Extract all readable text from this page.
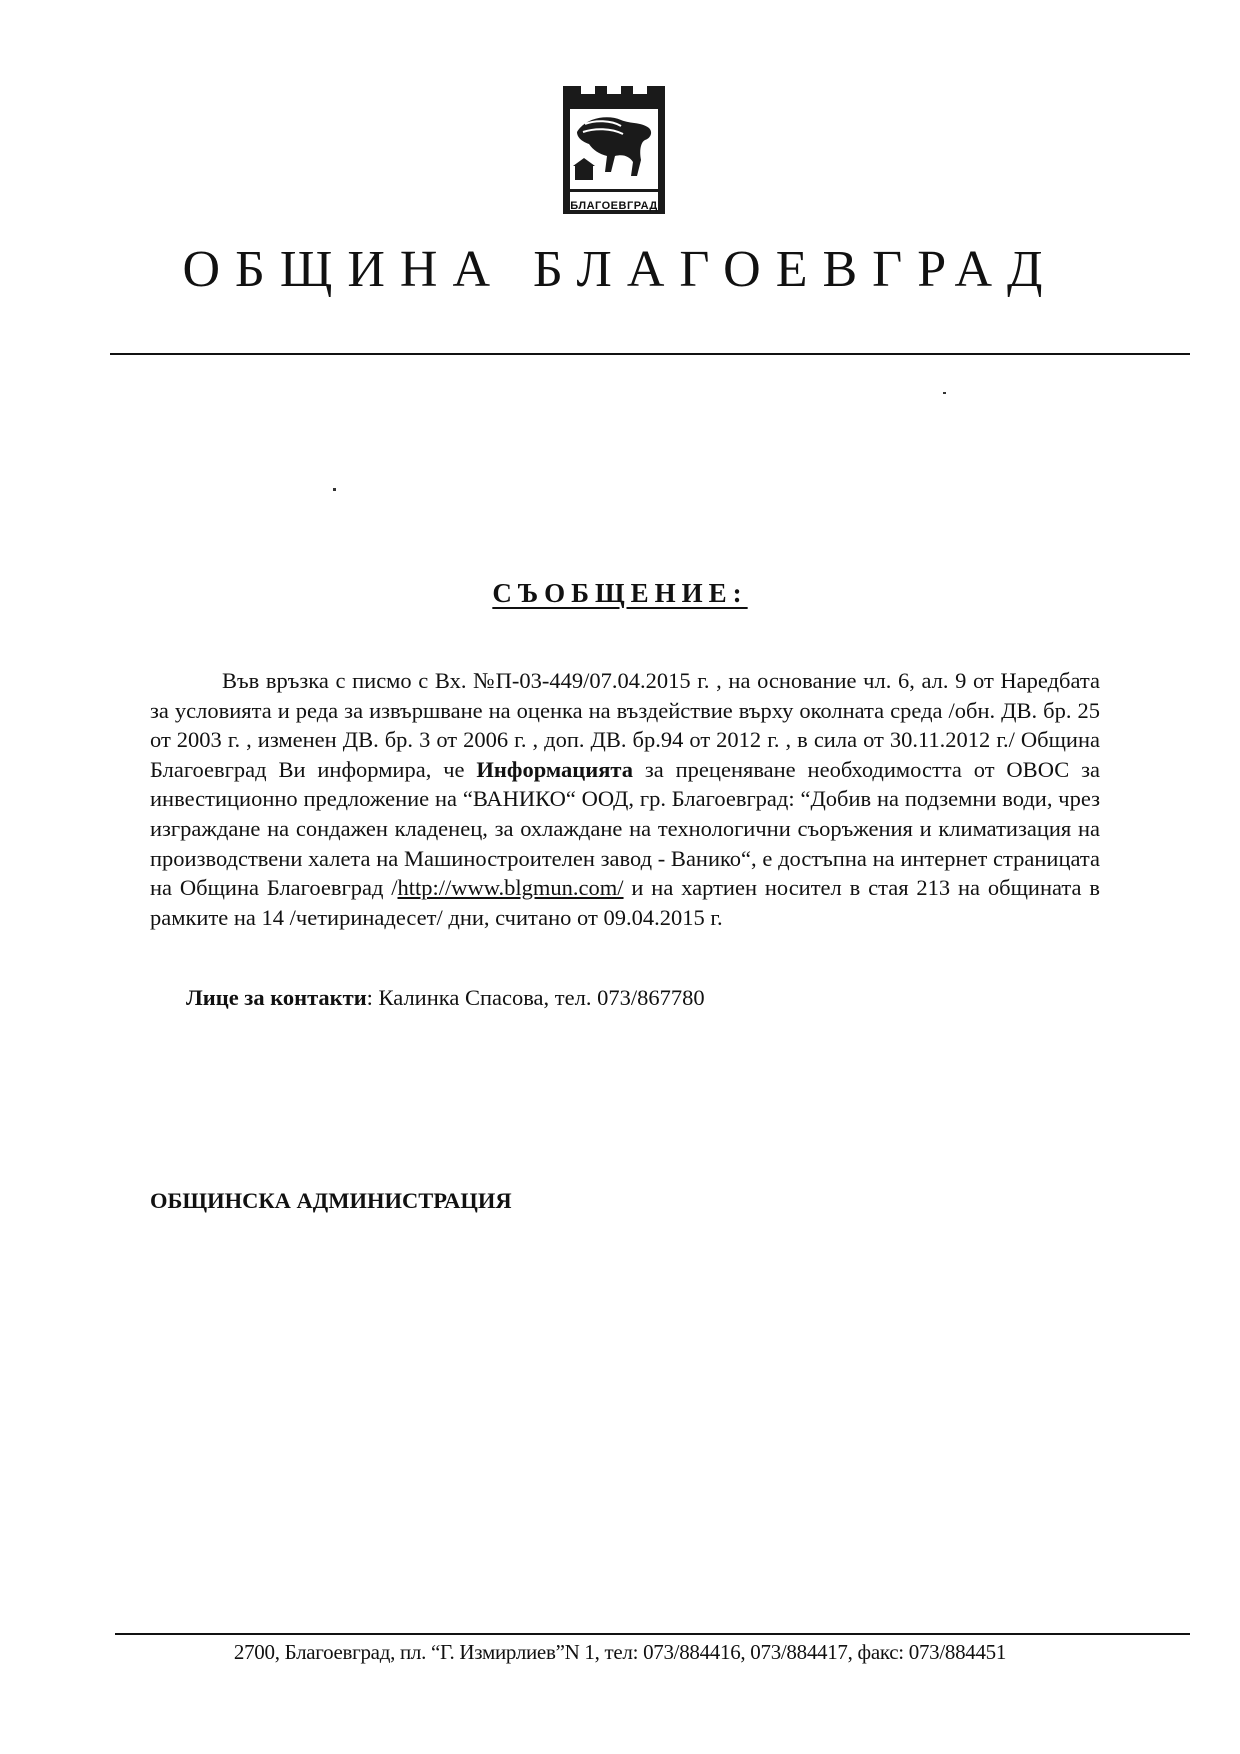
БЛАГОЕВГРАД
ОБЩИНА БЛАГОЕВГРАД
СЪОБЩЕНИЕ:
Във връзка с писмо с Вх. №П-03-449/07.04.2015 г. , на основание чл. 6, ал. 9 от Наредбата за условията и реда за извършване на оценка на въздействие върху околната среда /обн. ДВ. бр. 25 от 2003 г. , изменен ДВ. бр. 3 от 2006 г. , доп. ДВ. бр.94 от 2012 г. , в сила от 30.11.2012 г./ Община Благоевград Ви информира, че Информацията за преценяване необходимостта от ОВОС за инвестиционно предложение на “ВАНИКО“ ООД, гр. Благоевград: “Добив на подземни води, чрез изграждане на сондажен кладенец, за охлаждане на технологични съоръжения и климатизация на производствени халета на Машиностроителен завод - Ванико“, е достъпна на интернет страницата на Община Благоевград /http://www.blgmun.com/ и на хартиен носител в стая 213 на общината в рамките на 14 /четиринадесет/ дни, считано от 09.04.2015 г.
Лице за контакти: Калинка Спасова, тел. 073/867780
ОБЩИНСКА АДМИНИСТРАЦИЯ
2700, Благоевград, пл. “Г. Измирлиев”N 1, тел: 073/884416, 073/884417, факс: 073/884451
